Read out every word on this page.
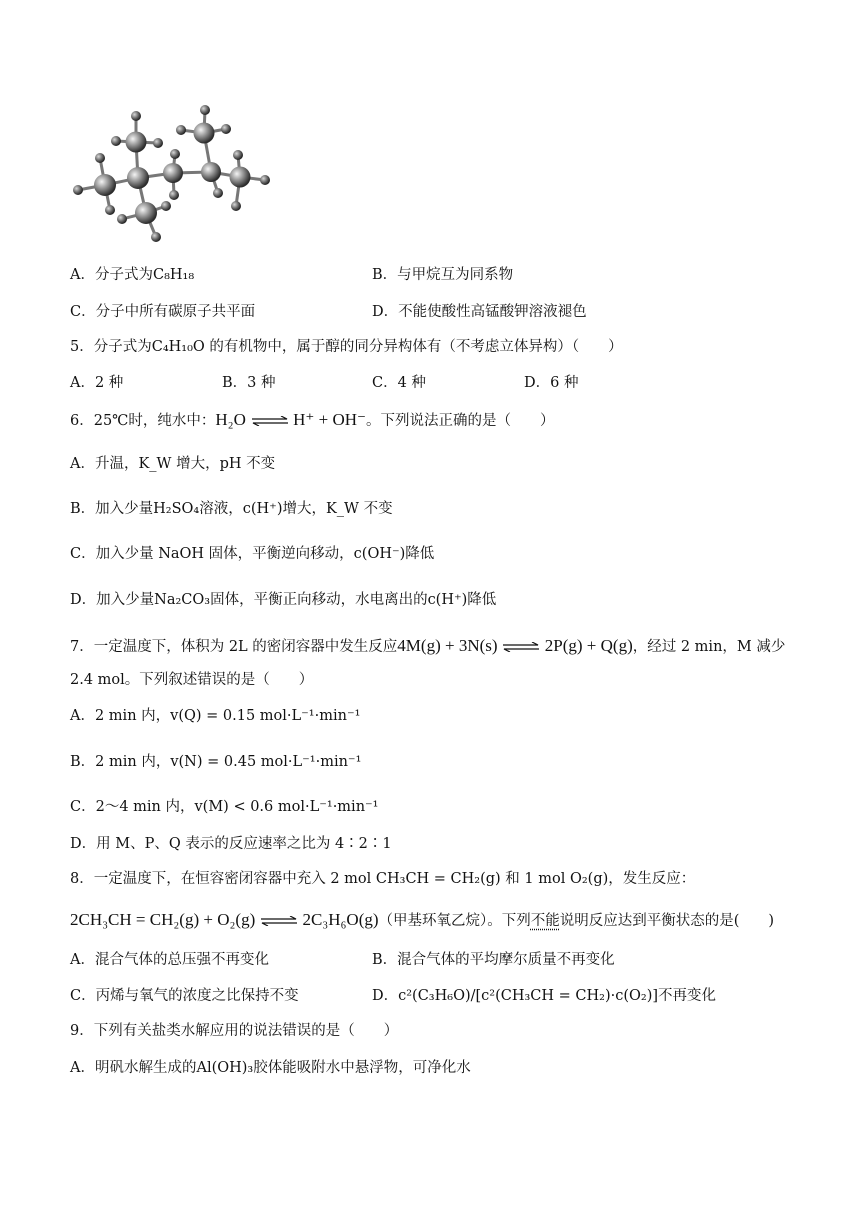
A．分子式为C₈H₁₈	B．与甲烷互为同系物
C．分子中所有碳原子共平面	D．不能使酸性高锰酸钾溶液褪色
5．分子式为C₄H₁₀O 的有机物中，属于醇的同分异构体有（不考虑立体异构）（　　）
A．2 种	B．3 种	C．4 种	D．6 种
6．25℃时，纯水中：H₂O ⇌ H⁺ + OH⁻。下列说法正确的是（　　）
A．升温，K_W 增大，pH 不变
B．加入少量H₂SO₄溶液，c(H⁺)增大，K_W 不变
C．加入少量 NaOH 固体，平衡逆向移动，c(OH⁻)降低
D．加入少量Na₂CO₃固体，平衡正向移动，水电离出的c(H⁺)降低
7．一定温度下，体积为 2L 的密闭容器中发生反应4M(g) + 3N(s) ⇌ 2P(g) + Q(g)，经过 2 min，M 减少
2.4 mol。下列叙述错误的是（　　）
A．2 min 内，v(Q) = 0.15 mol·L⁻¹·min⁻¹
B．2 min 内，v(N) = 0.45 mol·L⁻¹·min⁻¹
C．2～4 min 内，v(M) < 0.6 mol·L⁻¹·min⁻¹
D．用 M、P、Q 表示的反应速率之比为 4∶2∶1
8．一定温度下，在恒容密闭容器中充入 2 mol CH₃CH = CH₂(g) 和 1 mol O₂(g)，发生反应：
2CH₃CH = CH₂(g) + O₂(g) ⇌ 2C₃H₆O(g)（甲基环氧乙烷）。下列不能说明反应达到平衡状态的是(　　)
A．混合气体的总压强不再变化	B．混合气体的平均摩尔质量不再变化
C．丙烯与氧气的浓度之比保持不变	D．c²(C₃H₆O)/[c²(CH₃CH = CH₂)·c(O₂)]不再变化
9．下列有关盐类水解应用的说法错误的是（　　）
A．明矾水解生成的Al(OH)₃胶体能吸附水中悬浮物，可净化水
